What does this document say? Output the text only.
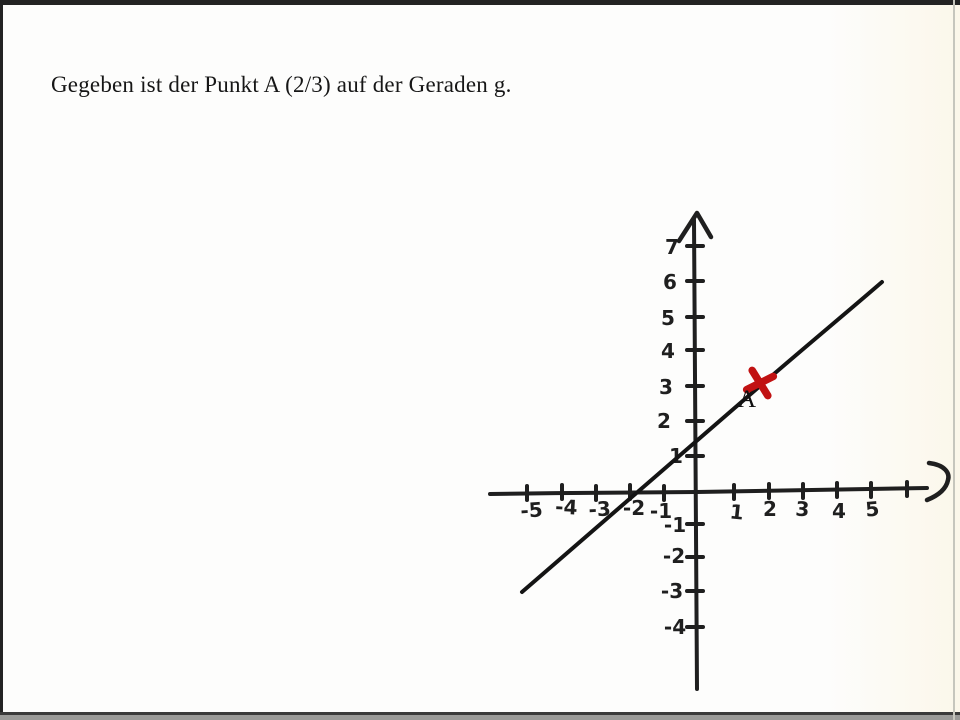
Gegeben ist der Punkt A (2/3) auf der Geraden g.
-5 -4 -3 -2 -1	1 2 3 4 5
7
6
5
4
3
2
1
-1
-2
-3
-4
A
